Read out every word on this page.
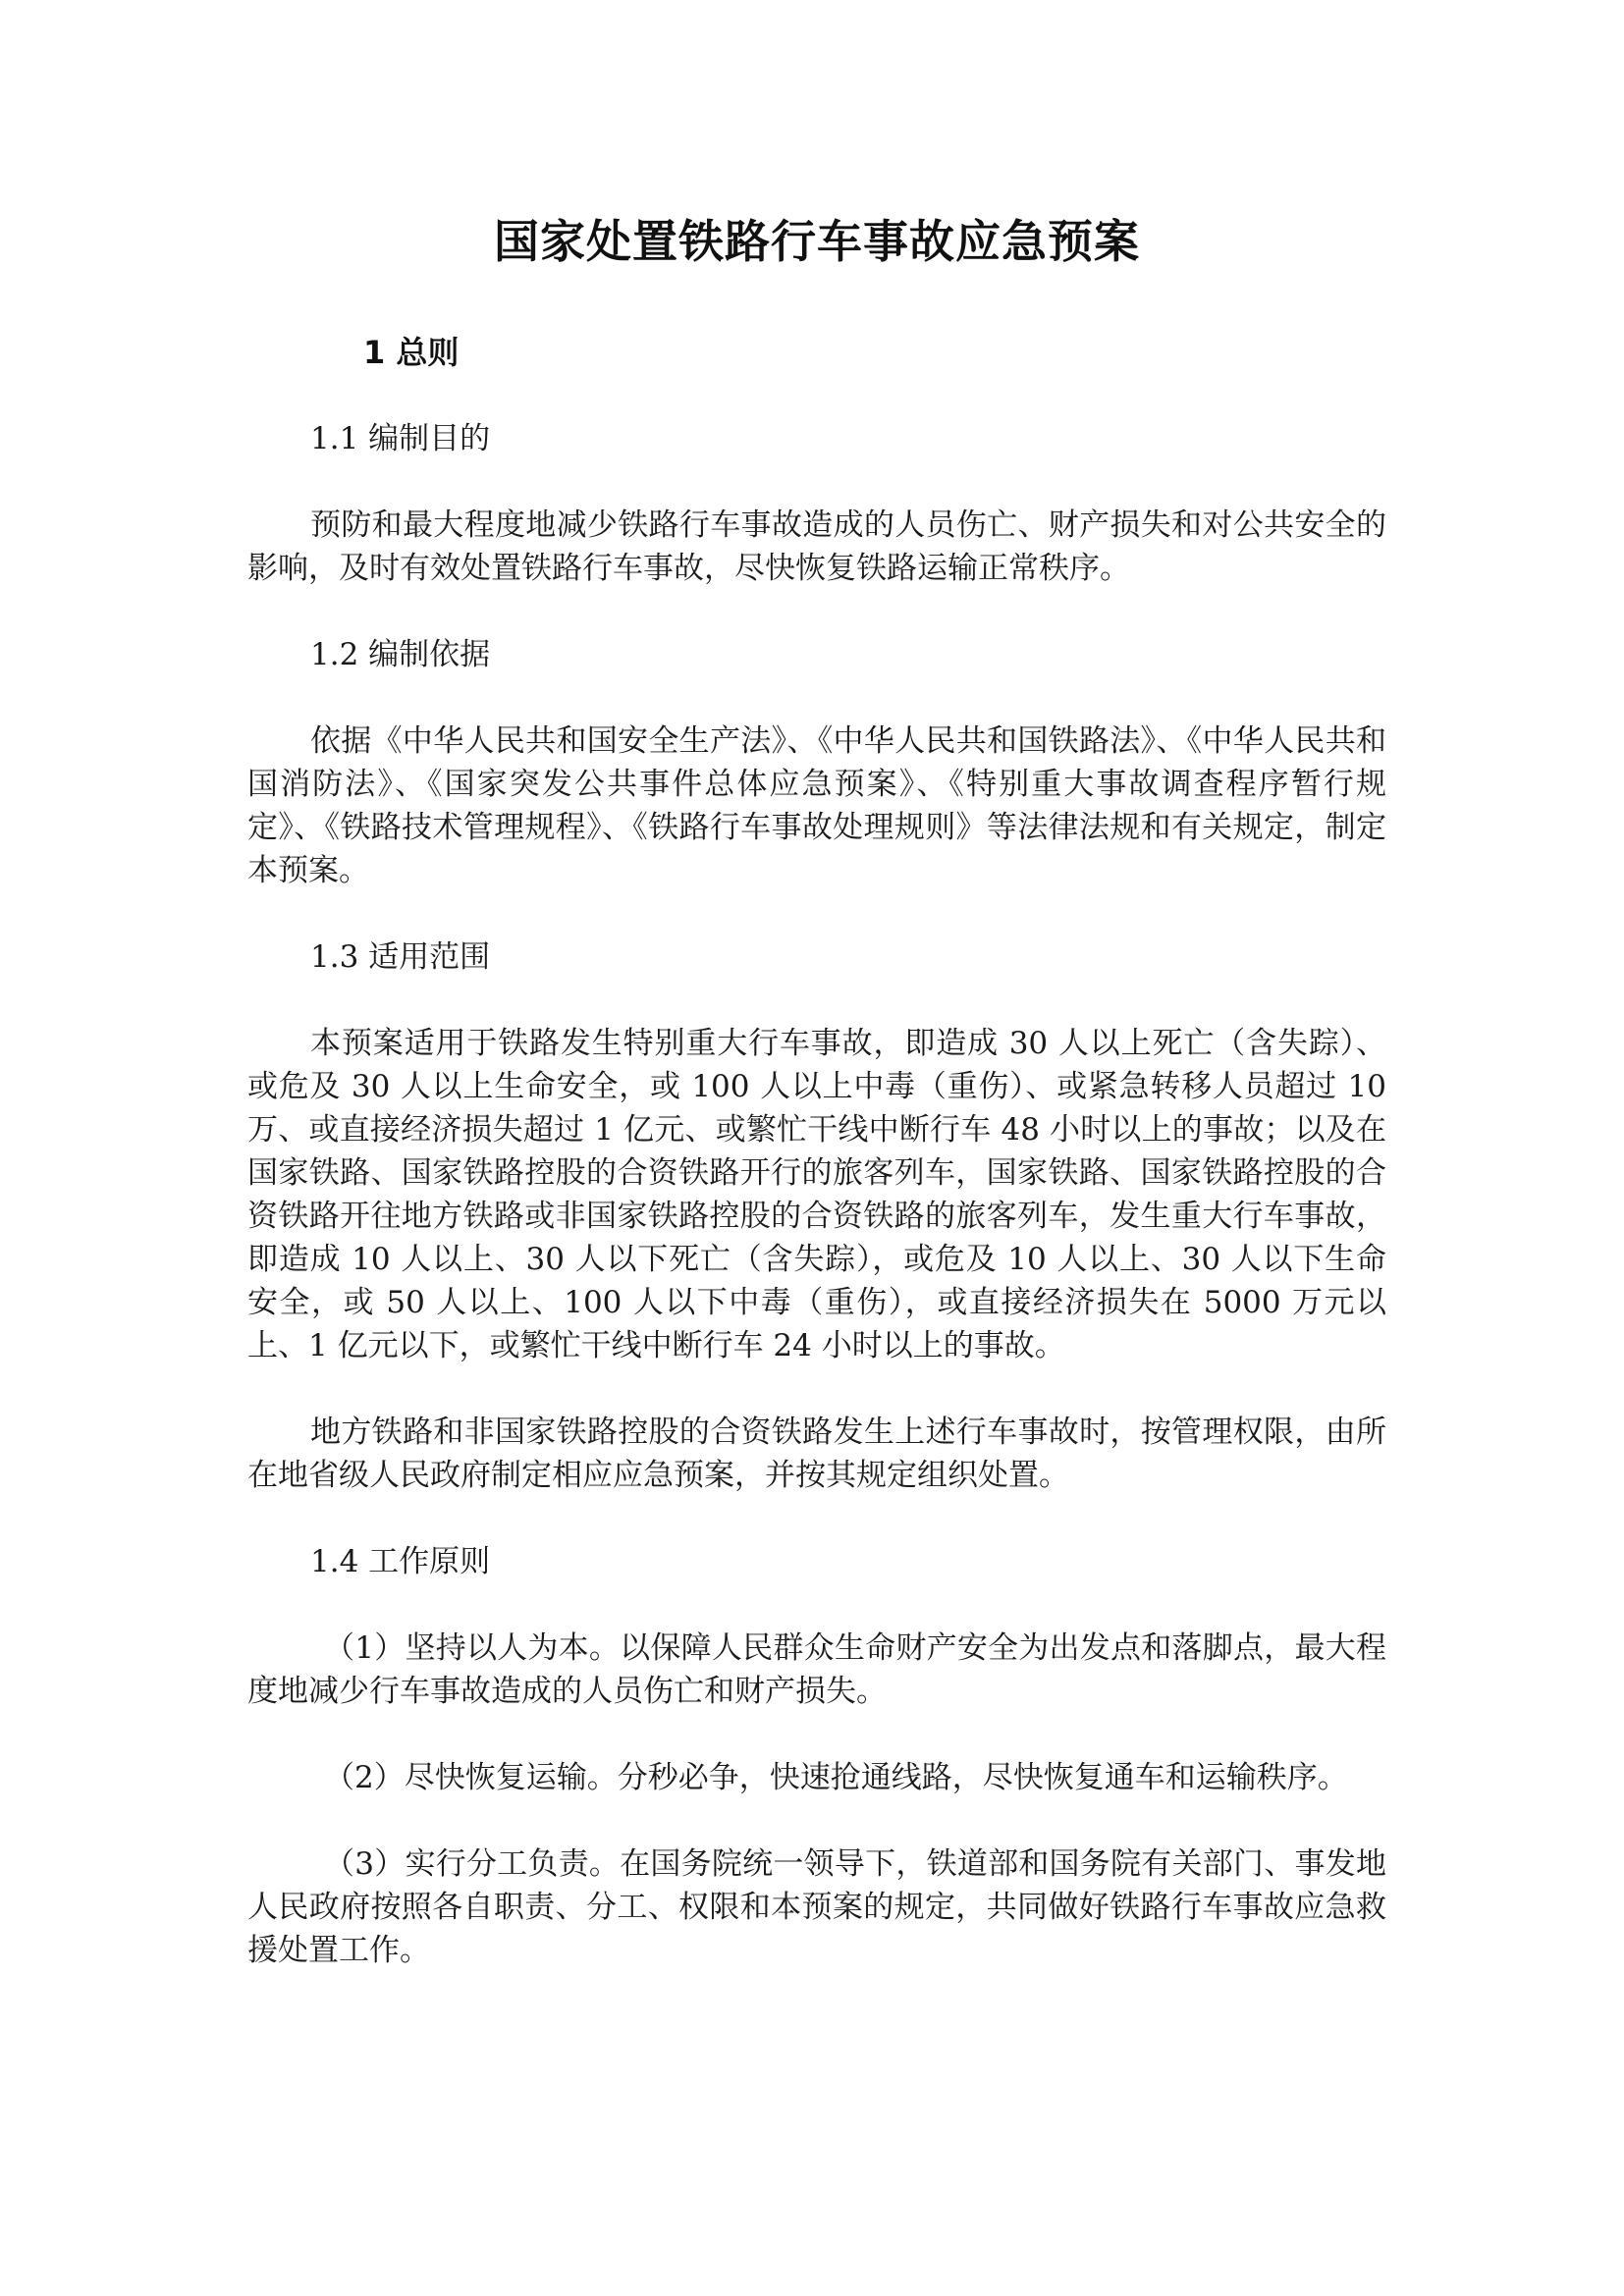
国家处置铁路行车事故应急预案
1 总则
1.1 编制目的

预防和最大程度地减少铁路行车事故造成的人员伤亡、财产损失和对公共安全的影响，及时有效处置铁路行车事故，尽快恢复铁路运输正常秩序。

1.2 编制依据

依据《中华人民共和国安全生产法》、《中华人民共和国铁路法》、《中华人民共和国消防法》、《国家突发公共事件总体应急预案》、《特别重大事故调查程序暂行规定》、《铁路技术管理规程》、《铁路行车事故处理规则》等法律法规和有关规定，制定本预案。

1.3 适用范围

本预案适用于铁路发生特别重大行车事故，即造成 30 人以上死亡（含失踪）、或危及 30 人以上生命安全，或 100 人以上中毒（重伤）、或紧急转移人员超过 10 万、或直接经济损失超过 1 亿元、或繁忙干线中断行车 48 小时以上的事故；以及在国家铁路、国家铁路控股的合资铁路开行的旅客列车，国家铁路、国家铁路控股的合资铁路开往地方铁路或非国家铁路控股的合资铁路的旅客列车，发生重大行车事故，即造成 10 人以上、30 人以下死亡（含失踪），或危及 10 人以上、30 人以下生命安全，或 50 人以上、100 人以下中毒（重伤），或直接经济损失在 5000 万元以上、1 亿元以下，或繁忙干线中断行车 24 小时以上的事故。

地方铁路和非国家铁路控股的合资铁路发生上述行车事故时，按管理权限，由所在地省级人民政府制定相应应急预案，并按其规定组织处置。

1.4 工作原则

（1）坚持以人为本。以保障人民群众生命财产安全为出发点和落脚点，最大程度地减少行车事故造成的人员伤亡和财产损失。

（2）尽快恢复运输。分秒必争，快速抢通线路，尽快恢复通车和运输秩序。

（3）实行分工负责。在国务院统一领导下，铁道部和国务院有关部门、事发地人民政府按照各自职责、分工、权限和本预案的规定，共同做好铁路行车事故应急救援处置工作。
